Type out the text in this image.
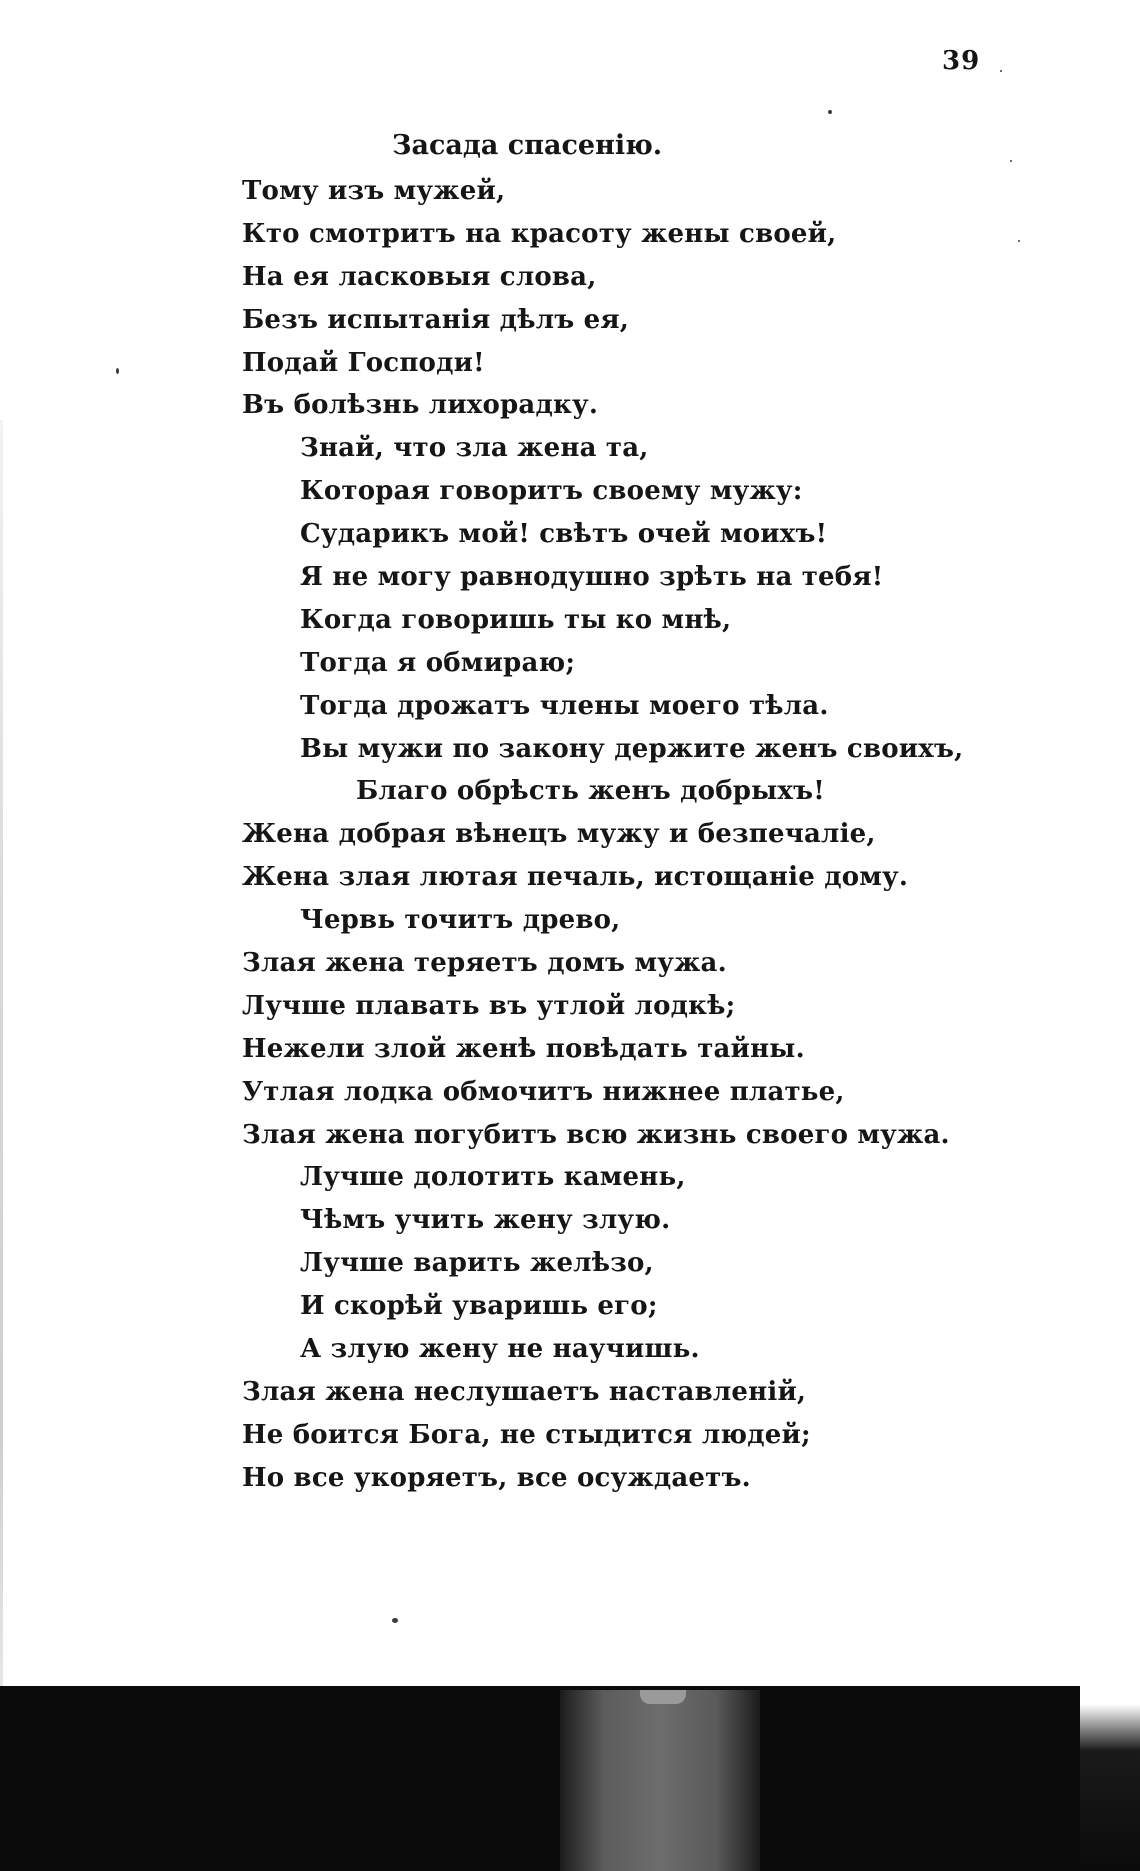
39
Засада спасенію.
Тому изъ мужей,
Кто смотритъ на красоту жены своей,
На ея ласковыя слова,
Безъ испытанія дѣлъ ея,
Подай Господи!
Въ болѣзнь лихорадку.
Знай, что зла жена та,
Которая говоритъ своему мужу:
Сударикъ мой! свѣтъ очей моихъ!
Я не могу равнодушно зрѣть на тебя!
Когда говоришь ты ко мнѣ,
Тогда я обмираю;
Тогда дрожатъ члены моего тѣла.
Вы мужи по закону держите женъ своихъ,
Благо обрѣсть женъ добрыхъ!
Жена добрая вѣнецъ мужу и безпечаліе,
Жена злая лютая печаль, истощаніе дому.
Червь точитъ древо,
Злая жена теряетъ домъ мужа.
Лучше плавать въ утлой лодкѣ;
Нежели злой женѣ повѣдать тайны.
Утлая лодка обмочитъ нижнее платье,
Злая жена погубитъ всю жизнь своего мужа.
Лучше долотить камень,
Чѣмъ учить жену злую.
Лучше варить желѣзо,
И скорѣй уваришь его;
А злую жену не научишь.
Злая жена неслушаетъ наставленій,
Не боится Бога, не стыдится людей;
Но все укоряетъ, все осуждаетъ.
